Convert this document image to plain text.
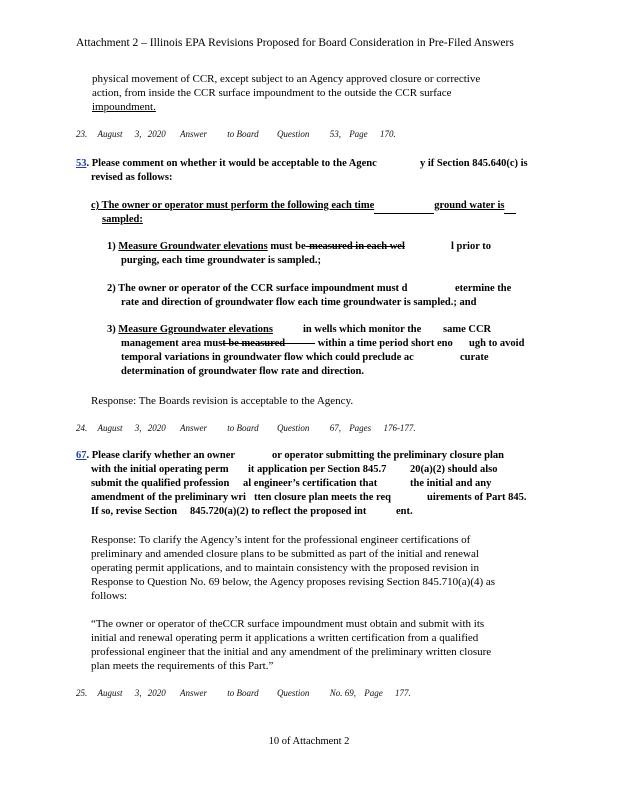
Attachment 2 – Illinois EPA Revisions Proposed for Board Consideration in Pre-Filed Answers
physical movement of CCR, except subject to an Agency approved closure or corrective
action, from inside the CCR surface impoundment to the outside the CCR surface
impoundment.
23. August 3, 2020 Answer to Board Question 53, Page 170.
53. Please comment on whether it would be acceptable to the Agenc	y if Section 845.640(c) is
revised as follows:
c) The owner or operator must perform the following each time	ground water is
sampled:
1) Measure Groundwater elevations must be-measured in each wel	l prior to
purging, each time groundwater is sampled.;
2) The owner or operator of the CCR surface impoundment must d	etermine the
rate and direction of groundwater flow each time groundwater is sampled.; and
3) Measure Ggroundwater elevations	in wells which monitor the same CCR
management area must be measured	within a time period short eno ugh to avoid
temporal variations in groundwater flow which could preclude ac	curate
determination of groundwater flow rate and direction.
Response: The Boards revision is acceptable to the Agency.
24. August 3, 2020 Answer to Board Question 67, Pages 176-177.
67. Please clarify whether an owner	or operator submitting the preliminary closure plan
with the initial operating perm it application per Section 845.7 20(a)(2) should also
submit the qualified profession al engineer’s certification that	the initial and any
amendment of the preliminary wri tten closure plan meets the req	uirements of Part 845.
If so, revise Section 845.720(a)(2) to reflect the proposed int	ent.
Response: To clarify the Agency’s intent for the professional engineer certifications of
preliminary and amended closure plans to be submitted as part of the initial and renewal
operating permit applications, and to maintain consistency with the proposed revision in
Response to Question No. 69 below, the Agency proposes revising Section 845.710(a)(4) as
follows:
“The owner or operator of theCCR surface impoundment must obtain and submit with its
initial and renewal operating perm it applications a written certification from a qualified
professional engineer that the initial and any amendment of the preliminary written closure
plan meets the requirements of this Part.”
25. August 3, 2020 Answer to Board Question No. 69, Page 177.
10 of Attachment 2
